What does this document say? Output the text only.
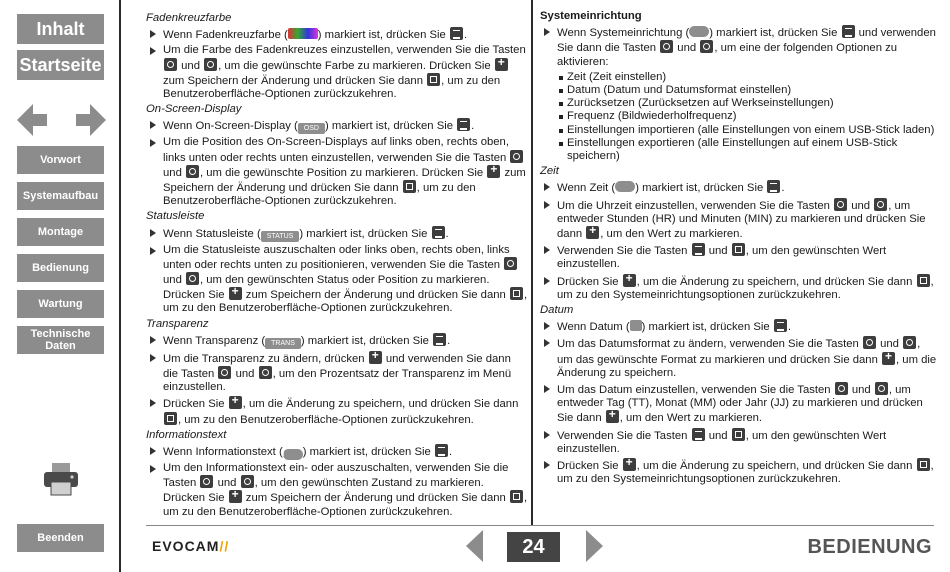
Inhalt
Startseite
Vorwort
Systemaufbau
Montage
Bedienung
Wartung
Technische Daten
Beenden
Fadenkreuzfarbe
Wenn Fadenkreuzfarbe (	) markiert ist, drücken Sie .
Um die Farbe des Fadenkreuzes einzustellen, verwenden Sie die Tasten  und , um die gewünschte Farbe zu markieren. Drücken Sie + zum Speichern der Änderung und drücken Sie dann , um zu den Benutzeroberfläche-Optionen zurückzukehren.
On-Screen-Display
Wenn On-Screen-Display ( OSD ) markiert ist, drücken Sie .
Um die Position des On-Screen-Displays auf links oben, rechts oben, links unten oder rechts unten einzustellen, verwenden Sie die Tasten  und , um die gewünschte Position zu markieren. Drücken Sie + zum Speichern der Änderung und drücken Sie dann , um zu den Benutzeroberfläche-Optionen zurückzukehren.
Statusleiste
Wenn Statusleiste ( STATUS ) markiert ist, drücken Sie .
Um die Statusleiste auszuschalten oder links oben, rechts oben, links unten oder rechts unten zu positionieren, verwenden Sie die Tasten  und , um den gewünschten Status oder Position zu markieren. Drücken Sie + zum Speichern der Änderung und drücken Sie dann , um zu den Benutzeroberfläche-Optionen zurückzukehren.
Transparenz
Wenn Transparenz ( TRANS ) markiert ist, drücken Sie .
Um die Transparenz zu ändern, drücken + und verwenden Sie dann die Tasten  und , um den Prozentsatz der Transparenz im Menü einzustellen.
Drücken Sie +, um die Änderung zu speichern, und drücken Sie dann , um zu den Benutzeroberfläche-Optionen zurückzukehren.
Informationstext
Wenn Informationstext (i ) markiert ist, drücken Sie .
Um den Informationstext ein- oder auszuschalten, verwenden Sie die Tasten  und , um den gewünschten Zustand zu markieren. Drücken Sie + zum Speichern der Änderung und drücken Sie dann , um zu den Benutzeroberfläche-Optionen zurückzukehren.
Systemeinrichtung
Wenn Systemeinrichtung ( ) markiert ist, drücken Sie  und verwenden Sie dann die Tasten  und , um eine der folgenden Optionen zu aktivieren:
Zeit (Zeit einstellen)
Datum (Datum und Datumsformat einstellen)
Zurücksetzen (Zurücksetzen auf Werkseinstellungen)
Frequenz (Bildwiederholfrequenz)
Einstellungen importieren (alle Einstellungen von einem USB-Stick laden)
Einstellungen exportieren (alle Einstellungen auf einem USB-Stick speichern)
Zeit
Wenn Zeit ( ) markiert ist, drücken Sie .
Um die Uhrzeit einzustellen, verwenden Sie die Tasten  und , um entweder Stunden (HR) und Minuten (MIN) zu markieren und drücken Sie dann +, um den Wert zu markieren.
Verwenden Sie die Tasten  und , um den gewünschten Wert einzustellen.
Drücken Sie +, um die Änderung zu speichern, und drücken Sie dann , um zu den Systemeinrichtungsoptionen zurückzukehren.
Datum
Wenn Datum ( ) markiert ist, drücken Sie .
Um das Datumsformat zu ändern, verwenden Sie die Tasten  und , um das gewünschte Format zu markieren und drücken Sie dann +, um die Änderung zu speichern.
Um das Datum einzustellen, verwenden Sie die Tasten  und , um entweder Tag (TT), Monat (MM) oder Jahr (JJ) zu markieren und drücken Sie dann +, um den Wert zu markieren.
Verwenden Sie die Tasten  und , um den gewünschten Wert einzustellen.
Drücken Sie +, um die Änderung zu speichern, und drücken Sie dann , um zu den Systemeinrichtungsoptionen zurückzukehren.
EVOCAM//	24	BEDIENUNG
